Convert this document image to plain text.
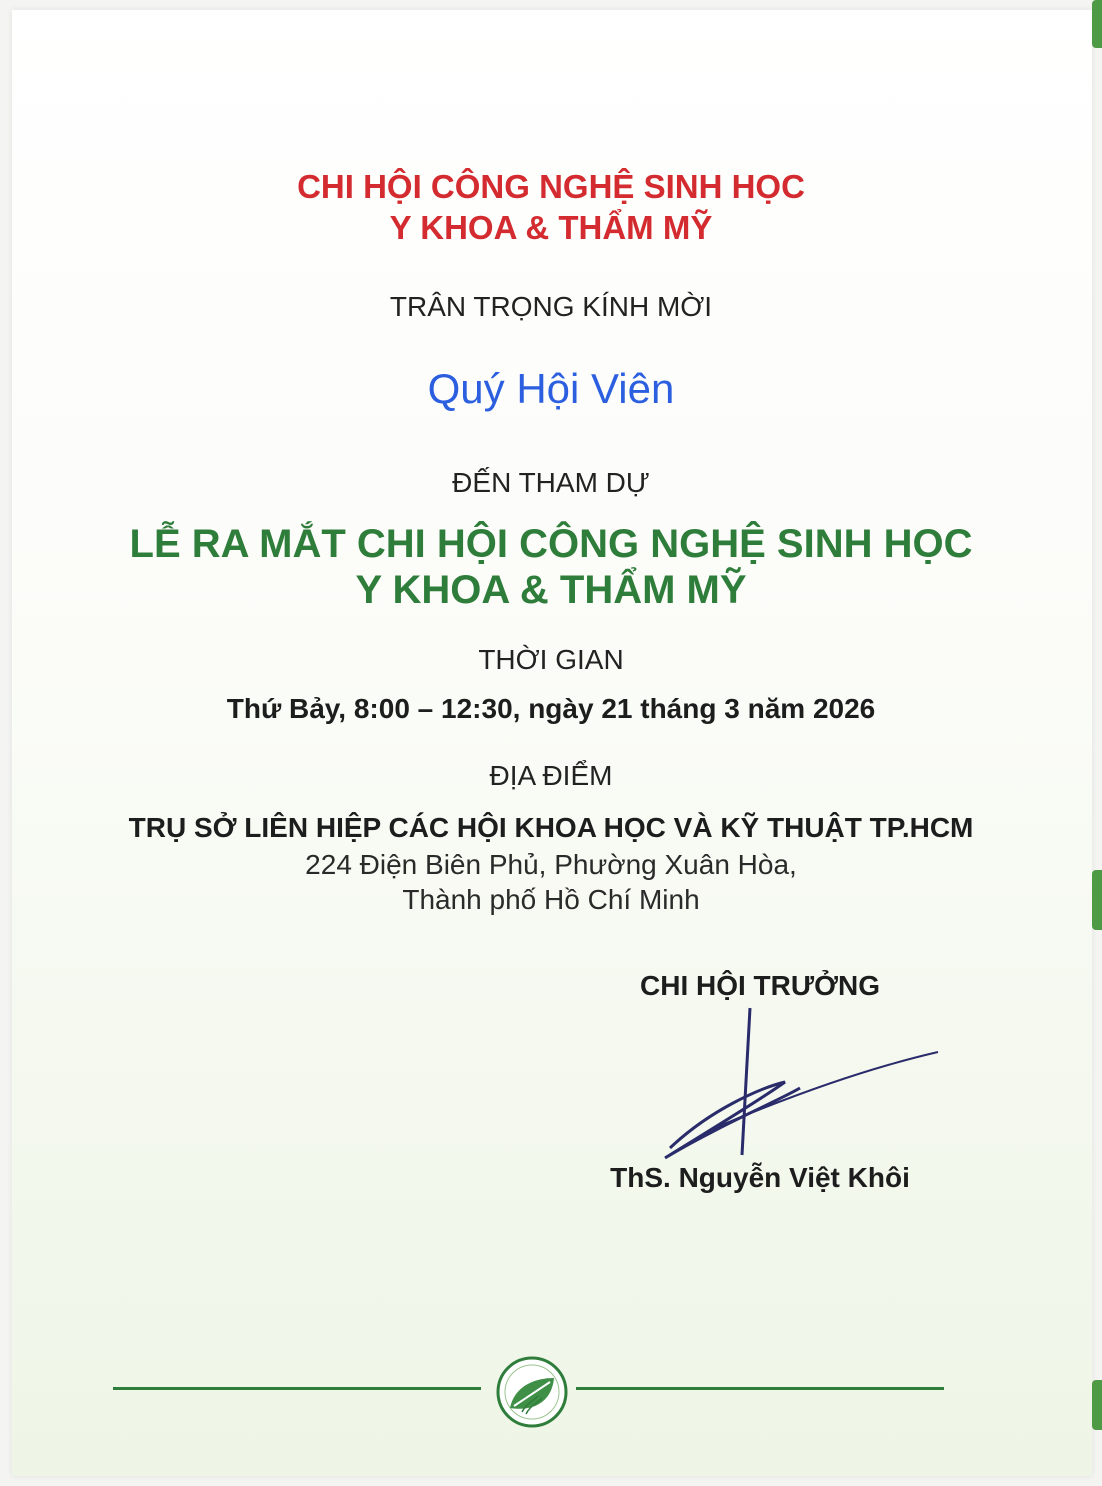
CHI HỘI CÔNG NGHỆ SINH HỌC
Y KHOA & THẨM MỸ
TRÂN TRỌNG KÍNH MỜI
Quý Hội Viên
ĐẾN THAM DỰ
LỄ RA MẮT CHI HỘI CÔNG NGHỆ SINH HỌC
Y KHOA & THẨM MỸ
THỜI GIAN
Thứ Bảy, 8:00 – 12:30, ngày 21 tháng 3 năm 2026
ĐỊA ĐIỂM
TRỤ SỞ LIÊN HIỆP CÁC HỘI KHOA HỌC VÀ KỸ THUẬT TP.HCM
224 Điện Biên Phủ, Phường Xuân Hòa,
Thành phố Hồ Chí Minh
CHI HỘI TRƯỞNG
ThS. Nguyễn Việt Khôi
